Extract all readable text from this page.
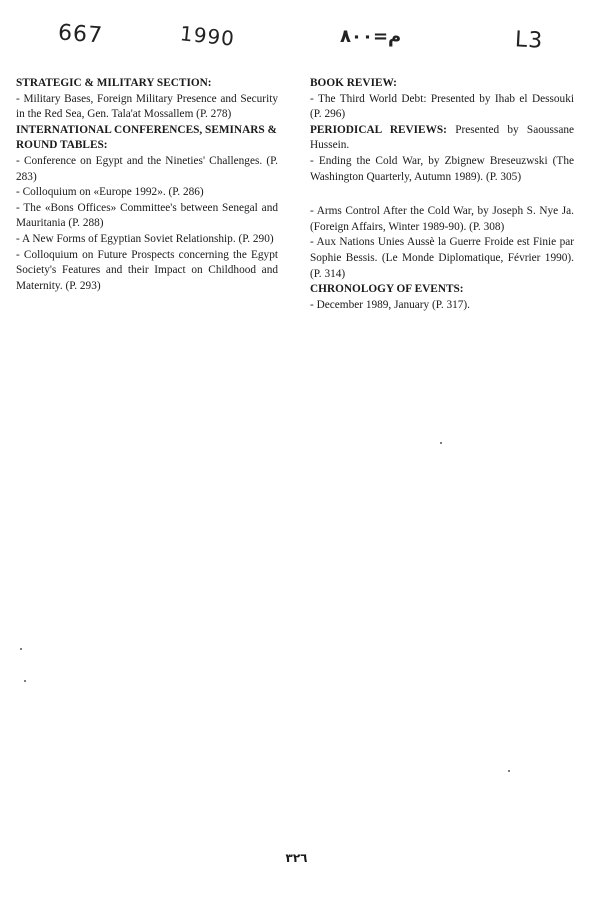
667	1990	م=٨٠٠	L3

STRATEGIC & MILITARY SECTION:

- Military Bases, Foreign Military Presence and Security in the Red Sea, Gen. Tala'at Mossallem (P. 278)

INTERNATIONAL CONFERENCES, SEMINARS & ROUND TABLES:

- Conference on Egypt and the Nineties' Challenges. (P. 283)

- Colloquium on «Europe 1992». (P. 286)

- The «Bons Offices» Committee's between Senegal and Mauritania (P. 288)

- A New Forms of Egyptian Soviet Relationship. (P. 290)

- Colloquium on Future Prospects concerning the Egypt Society's Features and their Impact on Childhood and Maternity. (P. 293)

BOOK REVIEW:

- The Third World Debt: Presented by Ihab el Dessouki (P. 296)

PERIODICAL REVIEWS: Presented by Saoussane Hussein.

- Ending the Cold War, by Zbignew Breseuzwski (The Washington Quarterly, Autumn 1989). (P. 305)

- Arms Control After the Cold War, by Joseph S. Nye Ja. (Foreign Affairs, Winter 1989-90). (P. 308)

- Aux Nations Unies Aussè la Guerre Froide est Finie par Sophie Bessis. (Le Monde Diplomatique, Février 1990). (P. 314)

CHRONOLOGY OF EVENTS:

- December 1989, January (P. 317).

٣٢٦
